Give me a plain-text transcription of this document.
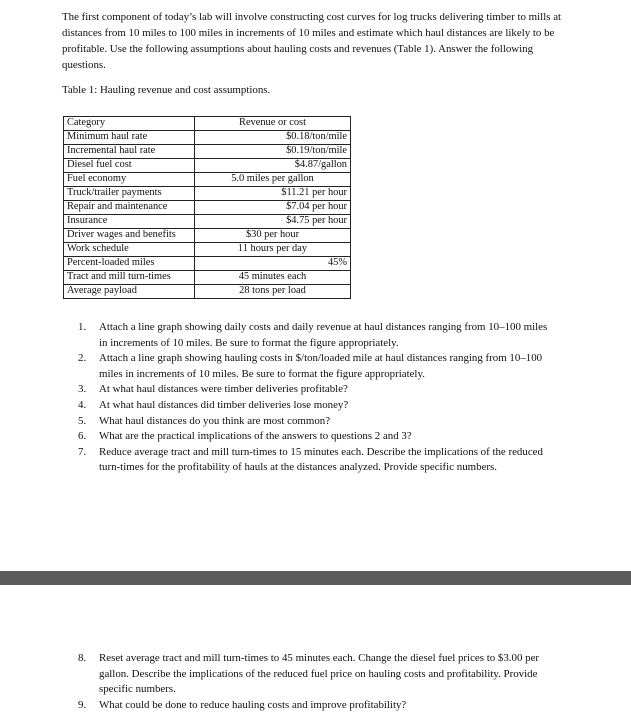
The first component of today’s lab will involve constructing cost curves for log trucks delivering timber to mills at distances from 10 miles to 100 miles in increments of 10 miles and estimate which haul distances are likely to be profitable. Use the following assumptions about hauling costs and revenues (Table 1). Answer the following questions.

Table 1: Hauling revenue and cost assumptions.

Category	Revenue or cost
Minimum haul rate	$0.18/ton/mile
Incremental haul rate	$0.19/ton/mile
Diesel fuel cost	$4.87/gallon
Fuel economy	5.0 miles per gallon
Truck/trailer payments	$11.21 per hour
Repair and maintenance	$7.04 per hour
Insurance	$4.75 per hour
Driver wages and benefits	$30 per hour
Work schedule	11 hours per day
Percent-loaded miles	45%
Tract and mill turn-times	45 minutes each
Average payload	28 tons per load
1. Attach a line graph showing daily costs and daily revenue at haul distances ranging from 10–100 miles in increments of 10 miles. Be sure to format the figure appropriately.
2. Attach a line graph showing hauling costs in $/ton/loaded mile at haul distances ranging from 10–100 miles in increments of 10 miles. Be sure to format the figure appropriately.
3. At what haul distances were timber deliveries profitable?
4. At what haul distances did timber deliveries lose money?
5. What haul distances do you think are most common?
6. What are the practical implications of the answers to questions 2 and 3?
7. Reduce average tract and mill turn-times to 15 minutes each. Describe the implications of the reduced turn-times for the profitability of hauls at the distances analyzed. Provide specific numbers.
8. Reset average tract and mill turn-times to 45 minutes each. Change the diesel fuel prices to $3.00 per gallon. Describe the implications of the reduced fuel price on hauling costs and profitability. Provide specific numbers.
9. What could be done to reduce hauling costs and improve profitability?
